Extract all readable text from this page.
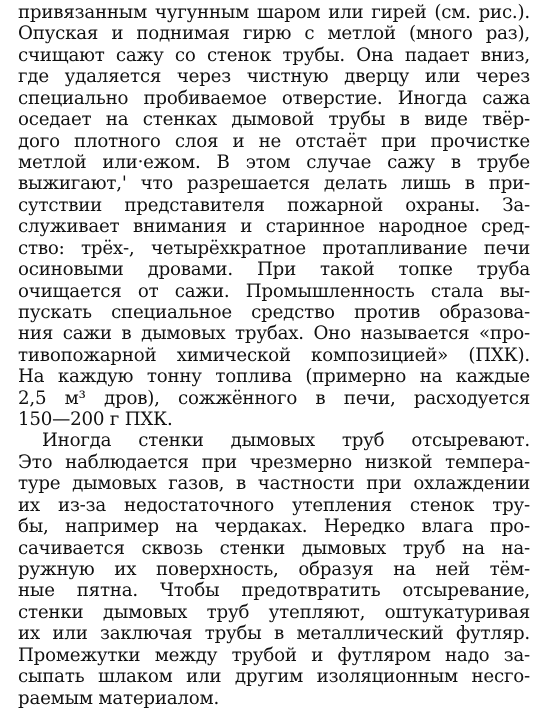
привязанным чугунным шаром или гирей (см. рис.).
Опуская и поднимая гирю с метлой (много раз),
счищают сажу со стенок трубы. Она падает вниз,
где удаляется через чистную дверцу или через
специально пробиваемое отверстие. Иногда сажа
оседает на стенках дымовой трубы в виде твёр-
дого плотного слоя и не отстаёт при прочистке
метлой или·ежом. В этом случае сажу в трубе
выжигают,' что разрешается делать лишь в при-
сутствии представителя пожарной охраны. За-
служивает внимания и старинное народное сред-
ство: трёх-, четырёхкратное протапливание печи
осиновыми дровами. При такой топке труба
очищается от сажи. Промышленность стала вы-
пускать специальное средство против образова-
ния сажи в дымовых трубах. Оно называется «про-
тивопожарной химической композицией» (ПХК).
На каждую тонну топлива (примерно на каждые
2,5 м³ дров), сожжённого в печи, расходуется
150—200 г ПХК.
Иногда стенки дымовых труб отсыревают.
Это наблюдается при чрезмерно низкой темпера-
туре дымовых газов, в частности при охлаждении
их из-за недостаточного утепления стенок тру-
бы, например на чердаках. Нередко влага про-
сачивается сквозь стенки дымовых труб на на-
ружную их поверхность, образуя на ней тём-
ные пятна. Чтобы предотвратить отсыревание,
стенки дымовых труб утепляют, оштукатуривая
их или заключая трубы в металлический футляр.
Промежутки между трубой и футляром надо за-
сыпать шлаком или другим изоляционным несго-
раемым материалом.
